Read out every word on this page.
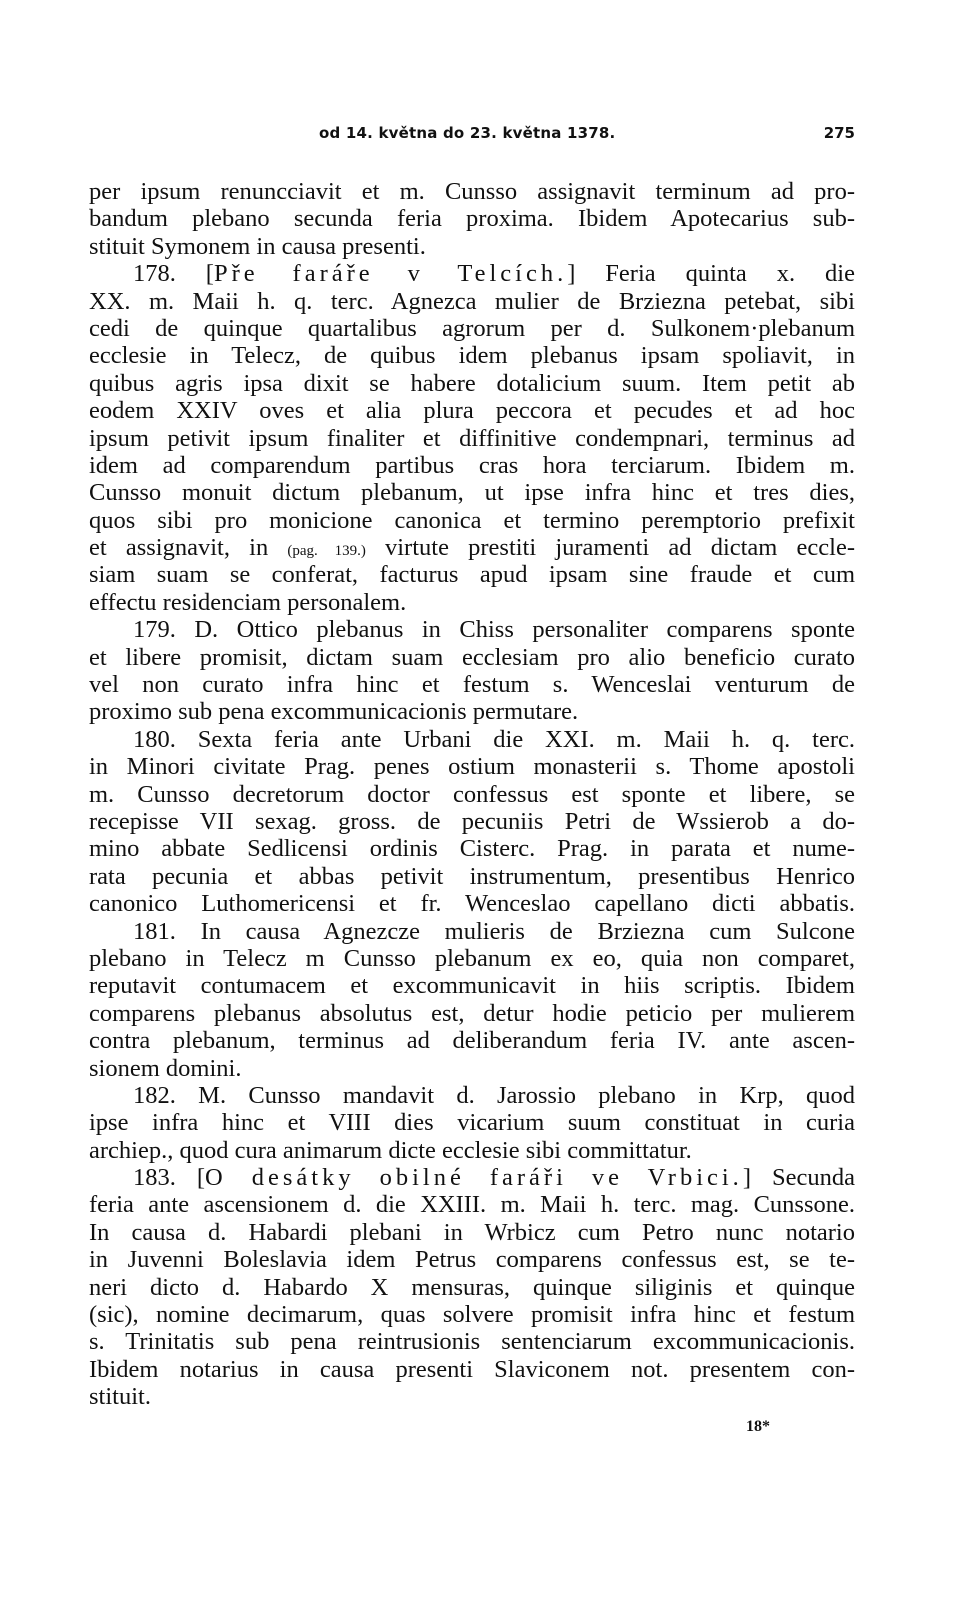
od 14. května do 23. května 1378.	275
per ipsum renuncciavit et m. Cunsso assignavit terminum ad pro-
bandum plebano secunda feria proxima. Ibidem Apotecarius sub-
stituit Symonem in causa presenti.
178. [Pře faráře v Telcích.] Feria quinta x. die
XX. m. Maii h. q. terc. Agnezca mulier de Brziezna petebat, sibi
cedi de quinque quartalibus agrorum per d. Sulkonem·plebanum
ecclesie in Telecz, de quibus idem plebanus ipsam spoliavit, in
quibus agris ipsa dixit se habere dotalicium suum. Item petit ab
eodem XXIV oves et alia plura peccora et pecudes et ad hoc
ipsum petivit ipsum finaliter et diffinitive condempnari, terminus ad
idem ad comparendum partibus cras hora terciarum. Ibidem m.
Cunsso monuit dictum plebanum, ut ipse infra hinc et tres dies,
quos sibi pro monicione canonica et termino peremptorio prefixit
et assignavit, in (pag. 139.) virtute prestiti juramenti ad dictam eccle-
siam suam se conferat, facturus apud ipsam sine fraude et cum
effectu residenciam personalem.
179. D. Ottico plebanus in Chiss personaliter comparens sponte
et libere promisit, dictam suam ecclesiam pro alio beneficio curato
vel non curato infra hinc et festum s. Wenceslai venturum de
proximo sub pena excommunicacionis permutare.
180. Sexta feria ante Urbani die XXI. m. Maii h. q. terc.
in Minori civitate Prag. penes ostium monasterii s. Thome apostoli
m. Cunsso decretorum doctor confessus est sponte et libere, se
recepisse VII sexag. gross. de pecuniis Petri de Wssierob a do-
mino abbate Sedlicensi ordinis Cisterc. Prag. in parata et nume-
rata pecunia et abbas petivit instrumentum, presentibus Henrico
canonico Luthomericensi et fr. Wenceslao capellano dicti abbatis.
181. In causa Agnezcze mulieris de Brziezna cum Sulcone
plebano in Telecz m Cunsso plebanum ex eo, quia non comparet,
reputavit contumacem et excommunicavit in hiis scriptis. Ibidem
comparens plebanus absolutus est, detur hodie peticio per mulierem
contra plebanum, terminus ad deliberandum feria IV. ante ascen-
sionem domini.
182. M. Cunsso mandavit d. Jarossio plebano in Krp, quod
ipse infra hinc et VIII dies vicarium suum constituat in curia
archiep., quod cura animarum dicte ecclesie sibi committatur.
183. [O desátky obilné faráři ve Vrbici.] Secunda
feria ante ascensionem d. die XXIII. m. Maii h. terc. mag. Cunssone.
In causa d. Habardi plebani in Wrbicz cum Petro nunc notario
in Juvenni Boleslavia idem Petrus comparens confessus est, se te-
neri dicto d. Habardo X mensuras, quinque siliginis et quinque
(sic), nomine decimarum, quas solvere promisit infra hinc et festum
s. Trinitatis sub pena reintrusionis sentenciarum excommunicacionis.
Ibidem notarius in causa presenti Slaviconem not. presentem con-
stituit.
18*
